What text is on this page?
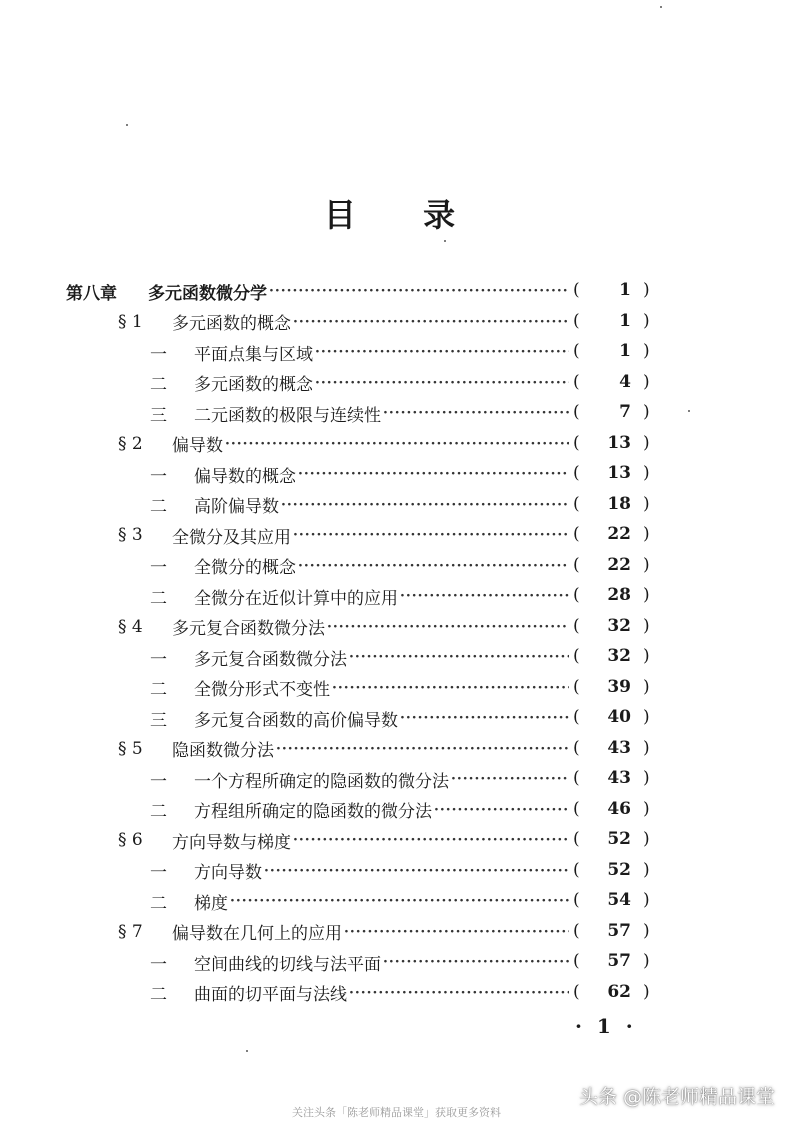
目 录
第八章	多元函数微分学 ·····	(	1 )
§ 1	多元函数的概念 ·····	(	1 )
一	平面点集与区域 ·····	(	1 )
二	多元函数的概念 ·····	(	4 )
三	二元函数的极限与连续性 ·····	(	7 )
§ 2	偏导数 ·····	(	13 )
一	偏导数的概念 ·····	(	13 )
二	高阶偏导数 ·····	(	18 )
§ 3	全微分及其应用 ·····	(	22 )
一	全微分的概念 ·····	(	22 )
二	全微分在近似计算中的应用 ·····	(	28 )
§ 4	多元复合函数微分法 ·····	(	32 )
一	多元复合函数微分法 ·····	(	32 )
二	全微分形式不变性 ·····	(	39 )
三	多元复合函数的高价偏导数 ·····	(	40 )
§ 5	隐函数微分法 ·····	(	43 )
一	一个方程所确定的隐函数的微分法 ·····	(	43 )
二	方程组所确定的隐函数的微分法 ·····	(	46 )
§ 6	方向导数与梯度 ·····	(	52 )
一	方向导数 ·····	(	52 )
二	梯度 ·····	(	54 )
§ 7	偏导数在几何上的应用 ·····	(	57 )
一	空间曲线的切线与法平面 ·····	(	57 )
二	曲面的切平面与法线 ·····	(	62 )
· 1 ·
头条 @陈老师精品课堂
关注头条「陈老师精品课堂」获取更多资料
